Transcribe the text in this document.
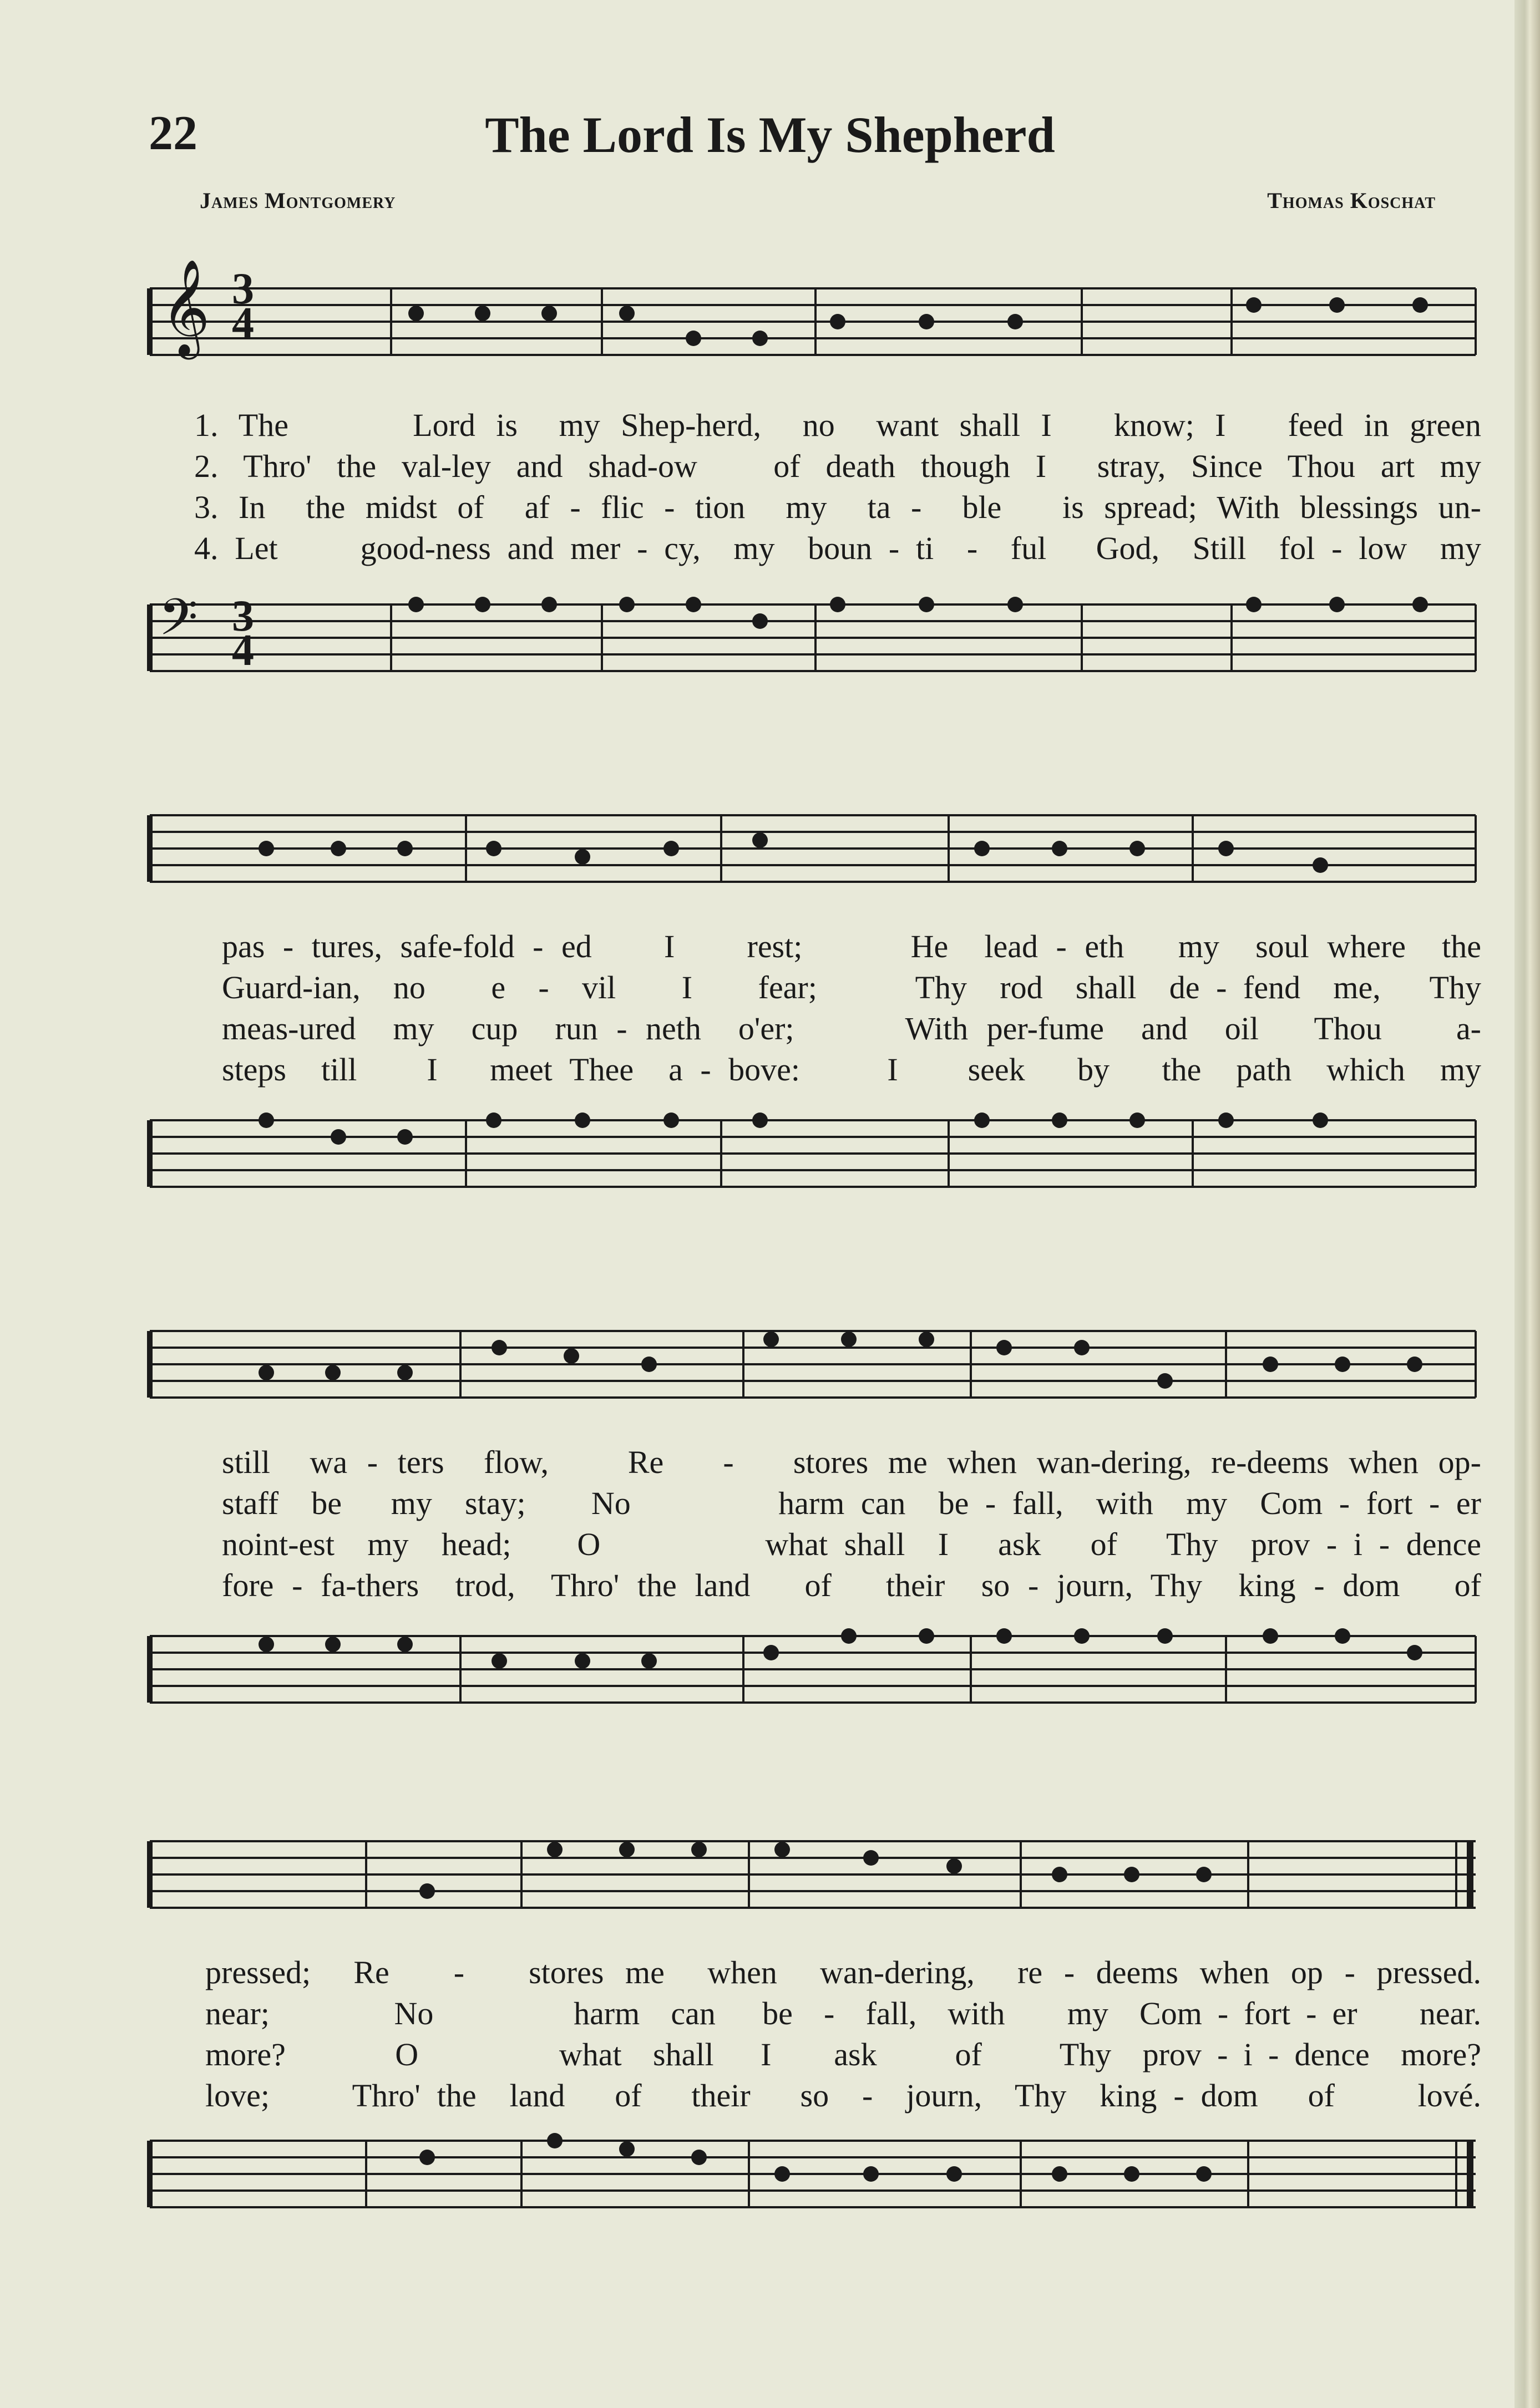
22	The Lord Is My Shepherd
James Montgomery	Thomas Koschat
1. The      Lord is  my Shep-herd,  no  want shall I   know; I   feed in green
2. Thro' the val-ley and shad-ow   of death though I  stray, Since Thou art my
3. In  the midst of  af - flic - tion  my  ta -  ble   is spread; With blessings un-
4. Let     good-ness and mer - cy,  my  boun - ti  -  ful   God,  Still  fol - low  my
3
4
3
4
𝄞
𝄢
pas - tures, safe-fold - ed    I    rest;      He  lead - eth   my  soul where  the
Guard-ian,  no    e  -  vil    I    fear;      Thy  rod  shall  de - fend  me,   Thy
meas-ured  my  cup  run - neth  o'er;      With per-fume  and  oil   Thou    a-
steps  till    I   meet Thee  a - bove:     I    seek   by   the  path  which  my
still  wa - ters  flow,    Re   -   stores me when wan-dering, re-deems when op-
staff  be   my  stay;    No         harm can  be - fall,  with  my  Com - fort - er
noint-est  my  head;    O          what shall  I   ask   of   Thy  prov - i - dence
fore - fa-thers  trod,  Thro' the land   of   their  so - journ, Thy  king - dom   of
pressed;  Re   -   stores me  when  wan-dering,  re - deems when op - pressed.
near;        No         harm  can   be  -  fall,  with    my  Com - fort - er    near.
more?       O         what  shall   I    ask     of     Thy  prov - i - dence  more?
love;     Thro' the  land   of   their   so  -  journ,  Thy  king - dom   of     lové.
